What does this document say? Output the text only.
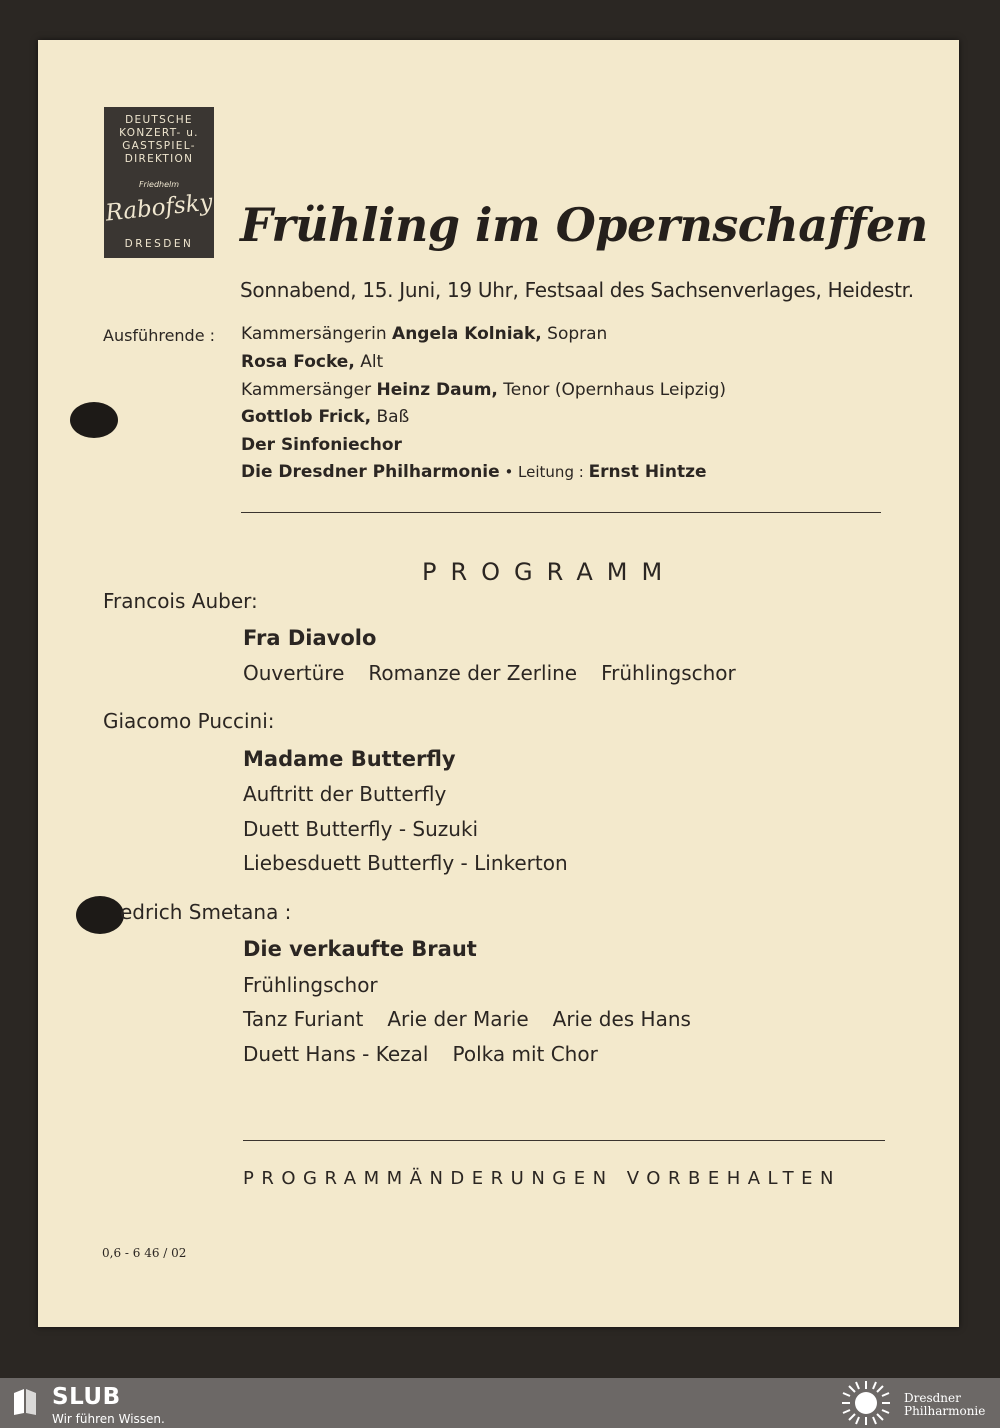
DEUTSCHE
KONZERT- u.
GASTSPIEL-
DIREKTION
Friedhelm
Rabofsky
DRESDEN	Frühling im Opernschaffen
Sonnabend, 15. Juni, 19 Uhr, Festsaal des Sachsenverlages, Heidestr.
Ausführende : Kammersängerin Angela Kolniak, Sopran
Rosa Focke, Alt
Kammersänger Heinz Daum, Tenor (Opernhaus Leipzig)
Gottlob Frick, Baß
Der Sinfoniechor
Die Dresdner Philharmonie • Leitung : Ernst Hintze
PROGRAMM
Francois Auber:
Fra Diavolo
Ouvertüre Romanze der Zerline Frühlingschor
Giacomo Puccini:
Madame Butterfly
Auftritt der Butterfly
Duett Butterfly - Suzuki
Liebesduett Butterfly - Linkerton
edrich Smetana :
Die verkaufte Braut
Frühlingschor
Tanz Furiant Arie der Marie Arie des Hans
Duett Hans - Kezal Polka mit Chor
PROGRAMMÄNDERUNGEN VORBEHALTEN
0,6 - 6 46 / 02
SLUB
Wir führen Wissen.
Dresdner
Philharmonie
